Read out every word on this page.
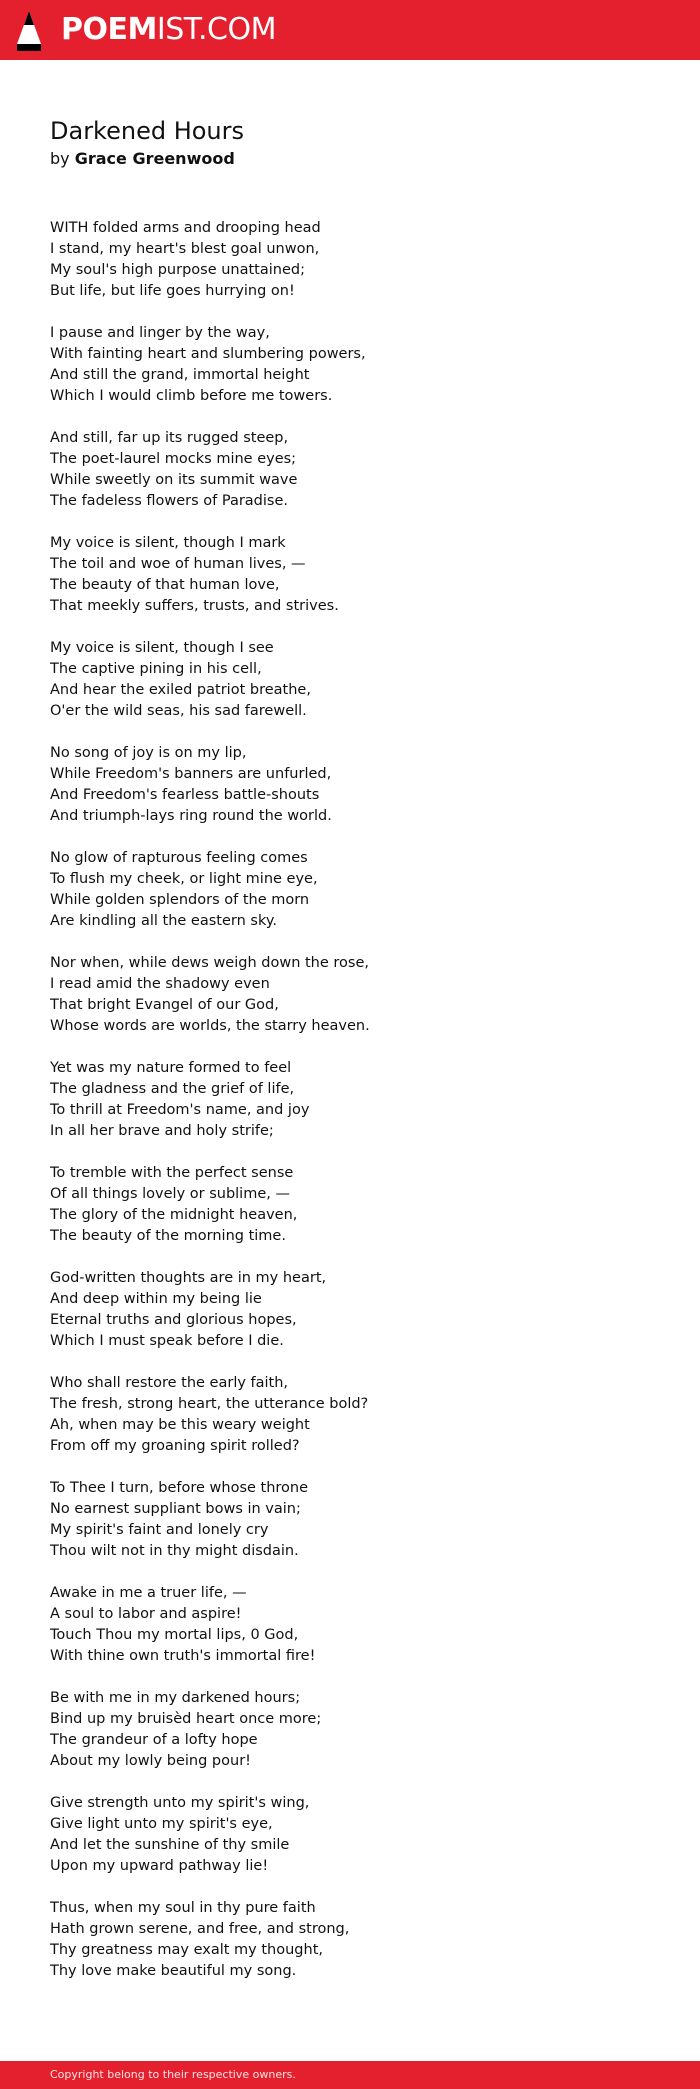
POEMIST.COM
Darkened Hours
by Grace Greenwood
WITH folded arms and drooping head
I stand, my heart's blest goal unwon,
My soul's high purpose unattained;
But life, but life goes hurrying on!
I pause and linger by the way,
With fainting heart and slumbering powers,
And still the grand, immortal height
Which I would climb before me towers.
And still, far up its rugged steep,
The poet-laurel mocks mine eyes;
While sweetly on its summit wave
The fadeless flowers of Paradise.
My voice is silent, though I mark
The toil and woe of human lives, —
The beauty of that human love,
That meekly suffers, trusts, and strives.
My voice is silent, though I see
The captive pining in his cell,
And hear the exiled patriot breathe,
O'er the wild seas, his sad farewell.
No song of joy is on my lip,
While Freedom's banners are unfurled,
And Freedom's fearless battle-shouts
And triumph-lays ring round the world.
No glow of rapturous feeling comes
To flush my cheek, or light mine eye,
While golden splendors of the morn
Are kindling all the eastern sky.
Nor when, while dews weigh down the rose,
I read amid the shadowy even
That bright Evangel of our God,
Whose words are worlds, the starry heaven.
Yet was my nature formed to feel
The gladness and the grief of life,
To thrill at Freedom's name, and joy
In all her brave and holy strife;
To tremble with the perfect sense
Of all things lovely or sublime, —
The glory of the midnight heaven,
The beauty of the morning time.
God-written thoughts are in my heart,
And deep within my being lie
Eternal truths and glorious hopes,
Which I must speak before I die.
Who shall restore the early faith,
The fresh, strong heart, the utterance bold?
Ah, when may be this weary weight
From off my groaning spirit rolled?
To Thee I turn, before whose throne
No earnest suppliant bows in vain;
My spirit's faint and lonely cry
Thou wilt not in thy might disdain.
Awake in me a truer life, —
A soul to labor and aspire!
Touch Thou my mortal lips, 0 God,
With thine own truth's immortal fire!
Be with me in my darkened hours;
Bind up my bruisèd heart once more;
The grandeur of a lofty hope
About my lowly being pour!
Give strength unto my spirit's wing,
Give light unto my spirit's eye,
And let the sunshine of thy smile
Upon my upward pathway lie!
Thus, when my soul in thy pure faith
Hath grown serene, and free, and strong,
Thy greatness may exalt my thought,
Thy love make beautiful my song.
Copyright belong to their respective owners.
